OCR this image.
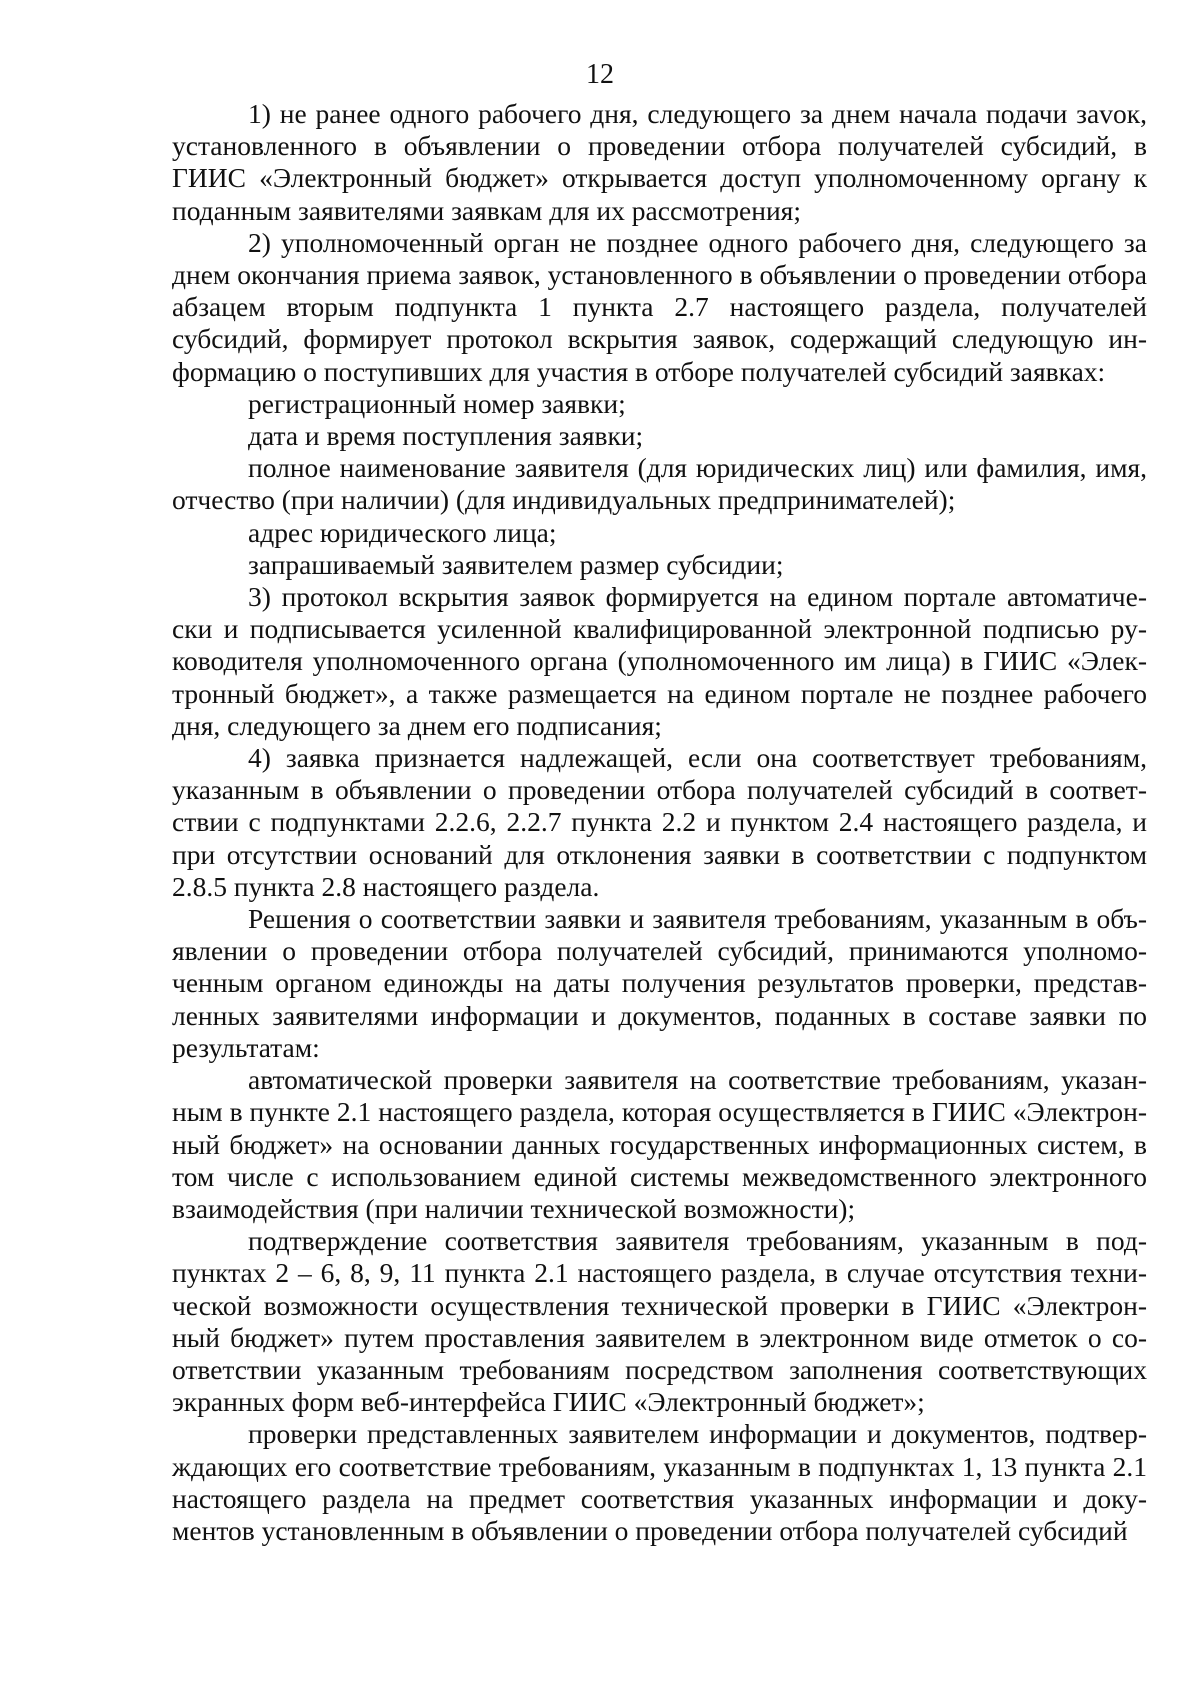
12

1) не ранее одного рабочего дня, следующего за днем начала подачи заvок, установленного в объявлении о проведении отбора получателей субсидий, в ГИИС «Электронный бюджет» открывается доступ уполномоченному органу к поданным заявителями заявкам для их рассмотрения;

2) уполномоченный орган не позднее одного рабочего дня, следующего за днем окончания приема заявок, установленного в объявлении о проведении отбора абзацем вторым подпункта 1 пункта 2.7 настоящего раздела, получателей субсидий, формирует протокол вскрытия заявок, содержащий следующую информацию о поступивших для участия в отборе получателей субсидий заявках:

регистрационный номер заявки;

дата и время поступления заявки;

полное наименование заявителя (для юридических лиц) или фамилия, имя, отчество (при наличии) (для индивидуальных предпринимателей);

адрес юридического лица;

запрашиваемый заявителем размер субсидии;

3) протокол вскрытия заявок формируется на едином портале автоматически и подписывается усиленной квалифицированной электронной подписью руководителя уполномоченного органа (уполномоченного им лица) в ГИИС «Электронный бюджет», а также размещается на едином портале не позднее рабочего дня, следующего за днем его подписания;

4) заявка признается надлежащей, если она соответствует требованиям, указанным в объявлении о проведении отбора получателей субсидий в соответствии с подпунктами 2.2.6, 2.2.7 пункта 2.2 и пунктом 2.4 настоящего раздела, и при отсутствии оснований для отклонения заявки в соответствии с подпунктом 2.8.5 пункта 2.8 настоящего раздела.

Решения о соответствии заявки и заявителя требованиям, указанным в объявлении о проведении отбора получателей субсидий, принимаются уполномоченным органом единожды на даты получения результатов проверки, представленных заявителями информации и документов, поданных в составе заявки по результатам:

автоматической проверки заявителя на соответствие требованиям, указанным в пункте 2.1 настоящего раздела, которая осуществляется в ГИИС «Электронный бюджет» на основании данных государственных информационных систем, в том числе с использованием единой системы межведомственного электронного взаимодействия (при наличии технической возможности);

подтверждение соответствия заявителя требованиям, указанным в подпунктах 2 – 6, 8, 9, 11 пункта 2.1 настоящего раздела, в случае отсутствия технической возможности осуществления технической проверки в ГИИС «Электронный бюджет» путем проставления заявителем в электронном виде отметок о соответствии указанным требованиям посредством заполнения соответствующих экранных форм веб-интерфейса ГИИС «Электронный бюджет»;

проверки представленных заявителем информации и документов, подтверждающих его соответствие требованиям, указанным в подпунктах 1, 13 пункта 2.1 настоящего раздела на предмет соответствия указанных информации и документов установленным в объявлении о проведении отбора получателей субсидий
